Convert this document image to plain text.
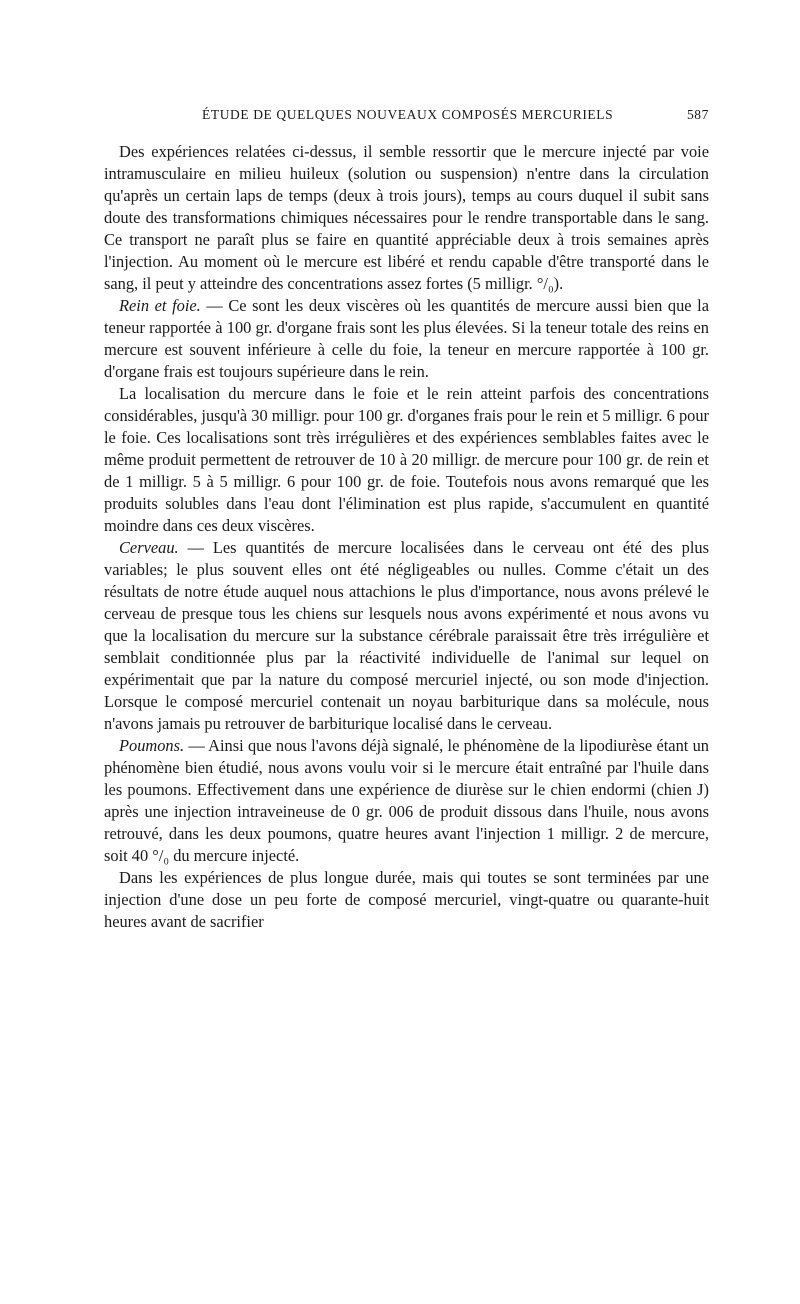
ÉTUDE DE QUELQUES NOUVEAUX COMPOSÉS MERCURIELS	587

Des expériences relatées ci-dessus, il semble ressortir que le mercure injecté par voie intramusculaire en milieu huileux (solution ou suspension) n'entre dans la circulation qu'après un certain laps de temps (deux à trois jours), temps au cours duquel il subit sans doute des transformations chimiques nécessaires pour le rendre transportable dans le sang. Ce transport ne paraît plus se faire en quantité appréciable deux à trois semaines après l'injection. Au moment où le mercure est libéré et rendu capable d'être transporté dans le sang, il peut y atteindre des concentrations assez fortes (5 milligr. °/₀).

Rein et foie. — Ce sont les deux viscères où les quantités de mercure aussi bien que la teneur rapportée à 100 gr. d'organe frais sont les plus élevées. Si la teneur totale des reins en mercure est souvent inférieure à celle du foie, la teneur en mercure rapportée à 100 gr. d'organe frais est toujours supérieure dans le rein.

La localisation du mercure dans le foie et le rein atteint parfois des concentrations considérables, jusqu'à 30 milligr. pour 100 gr. d'organes frais pour le rein et 5 milligr. 6 pour le foie. Ces localisations sont très irrégulières et des expériences semblables faites avec le même produit permettent de retrouver de 10 à 20 milligr. de mercure pour 100 gr. de rein et de 1 milligr. 5 à 5 milligr. 6 pour 100 gr. de foie. Toutefois nous avons remarqué que les produits solubles dans l'eau dont l'élimination est plus rapide, s'accumulent en quantité moindre dans ces deux viscères.

Cerveau. — Les quantités de mercure localisées dans le cerveau ont été des plus variables; le plus souvent elles ont été négligeables ou nulles. Comme c'était un des résultats de notre étude auquel nous attachions le plus d'importance, nous avons prélevé le cerveau de presque tous les chiens sur lesquels nous avons expérimenté et nous avons vu que la localisation du mercure sur la substance cérébrale paraissait être très irrégulière et semblait conditionnée plus par la réactivité individuelle de l'animal sur lequel on expérimentait que par la nature du composé mercuriel injecté, ou son mode d'injection. Lorsque le composé mercuriel contenait un noyau barbiturique dans sa molécule, nous n'avons jamais pu retrouver de barbiturique localisé dans le cerveau.

Poumons. — Ainsi que nous l'avons déjà signalé, le phénomène de la lipodiurèse étant un phénomène bien étudié, nous avons voulu voir si le mercure était entraîné par l'huile dans les poumons. Effectivement dans une expérience de diurèse sur le chien endormi (chien J) après une injection intraveineuse de 0 gr. 006 de produit dissous dans l'huile, nous avons retrouvé, dans les deux poumons, quatre heures avant l'injection 1 milligr. 2 de mercure, soit 40 °/₀ du mercure injecté.

Dans les expériences de plus longue durée, mais qui toutes se sont terminées par une injection d'une dose un peu forte de composé mercuriel, vingt-quatre ou quarante-huit heures avant de sacrifier
